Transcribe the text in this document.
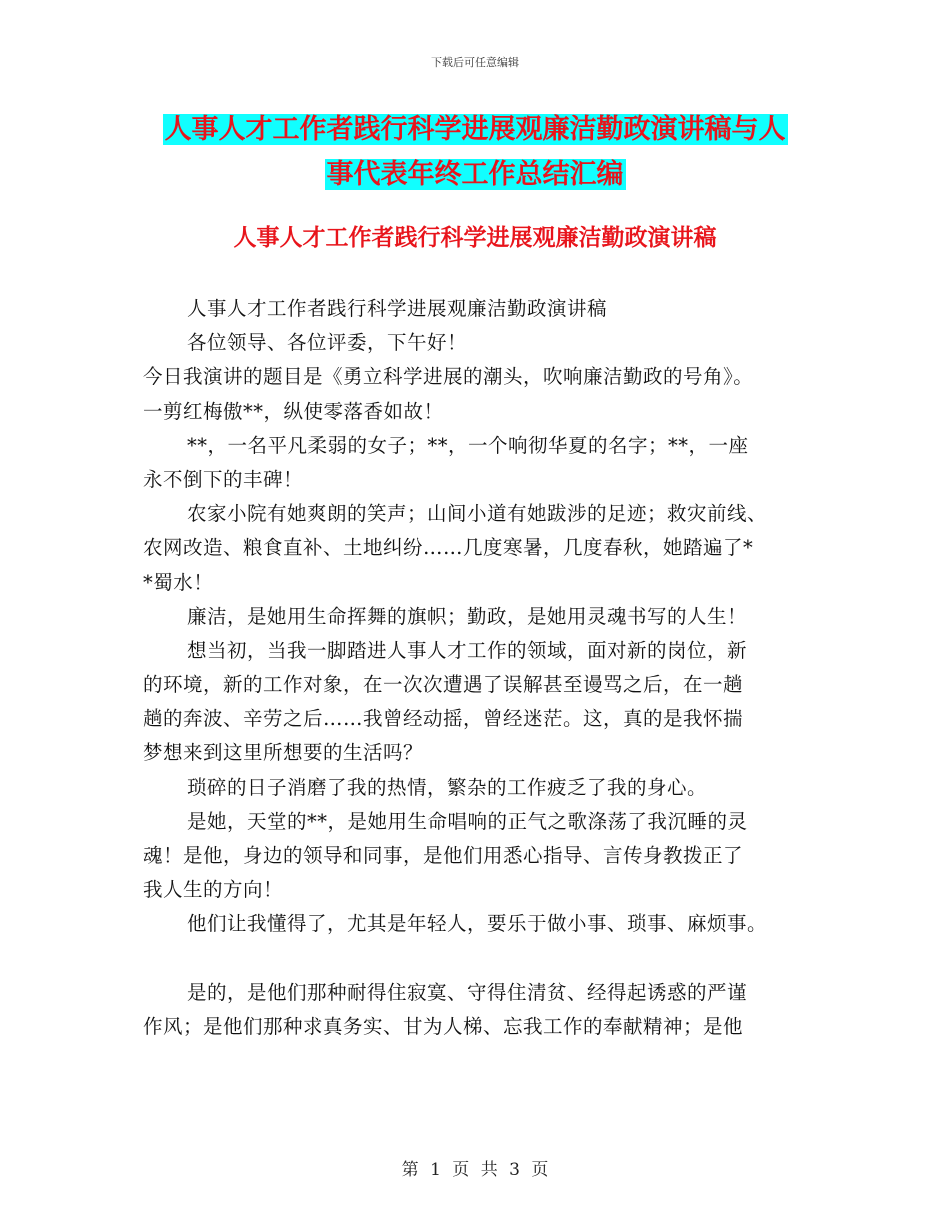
下载后可任意编辑
人事人才工作者践行科学进展观廉洁勤政演讲稿与人
事代表年终工作总结汇编
人事人才工作者践行科学进展观廉洁勤政演讲稿
人事人才工作者践行科学进展观廉洁勤政演讲稿
各位领导、各位评委，下午好！
今日我演讲的题目是《勇立科学进展的潮头，吹响廉洁勤政的号角》。
一剪红梅傲**，纵使零落香如故！
**，一名平凡柔弱的女子；**，一个响彻华夏的名字；**，一座
永不倒下的丰碑！
农家小院有她爽朗的笑声；山间小道有她跋涉的足迹；救灾前线、
农网改造、粮食直补、土地纠纷……几度寒暑，几度春秋，她踏遍了*
*蜀水！
廉洁，是她用生命挥舞的旗帜；勤政，是她用灵魂书写的人生！
想当初，当我一脚踏进人事人才工作的领域，面对新的岗位，新
的环境，新的工作对象，在一次次遭遇了误解甚至谩骂之后，在一趟
趟的奔波、辛劳之后……我曾经动摇，曾经迷茫。这，真的是我怀揣
梦想来到这里所想要的生活吗？
琐碎的日子消磨了我的热情，繁杂的工作疲乏了我的身心。
是她，天堂的**，是她用生命唱响的正气之歌涤荡了我沉睡的灵
魂！是他，身边的领导和同事，是他们用悉心指导、言传身教拨正了
我人生的方向！
他们让我懂得了，尤其是年轻人，要乐于做小事、琐事、麻烦事。
是的，是他们那种耐得住寂寞、守得住清贫、经得起诱惑的严谨
作风；是他们那种求真务实、甘为人梯、忘我工作的奉献精神；是他
第 1 页 共 3 页
